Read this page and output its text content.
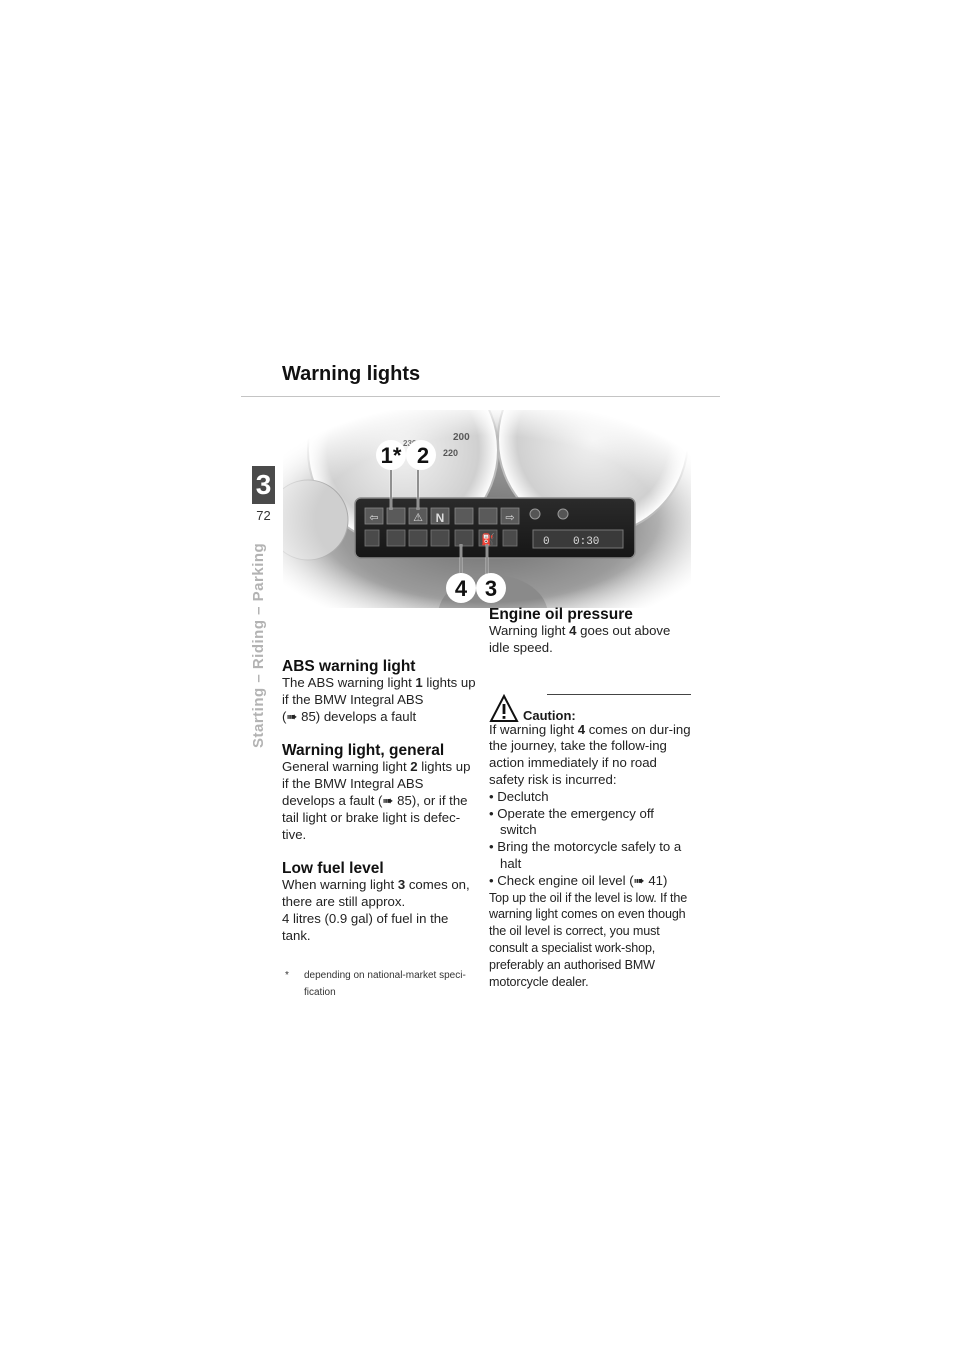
Warning lights
3
72
Starting – Riding – Parking
1* 2
4 3
ABS warning light

The ABS warning light 1 lights up if the BMW Integral ABS
(➠ 85) develops a fault

Warning light, general

General warning light 2 lights up if the BMW Integral ABS develops a fault (➠ 85), or if the tail light or brake light is defec-tive.

Low fuel level

When warning light 3 comes on, there are still approx.
4 litres (0.9 gal) of fuel in the tank.

* depending on national-market speci-fication
Engine oil pressure

Warning light 4 goes out above idle speed.

Caution:

If warning light 4 comes on dur-ing the journey, take the follow-ing action immediately if no road safety risk is incurred:

• Declutch

• Operate the emergency off switch

• Bring the motorcycle safely to a halt

• Check engine oil level (➠ 41)

Top up the oil if the level is low. If the warning light comes on even though the oil level is correct, you must consult a specialist work-shop, preferably an authorised BMW motorcycle dealer.
